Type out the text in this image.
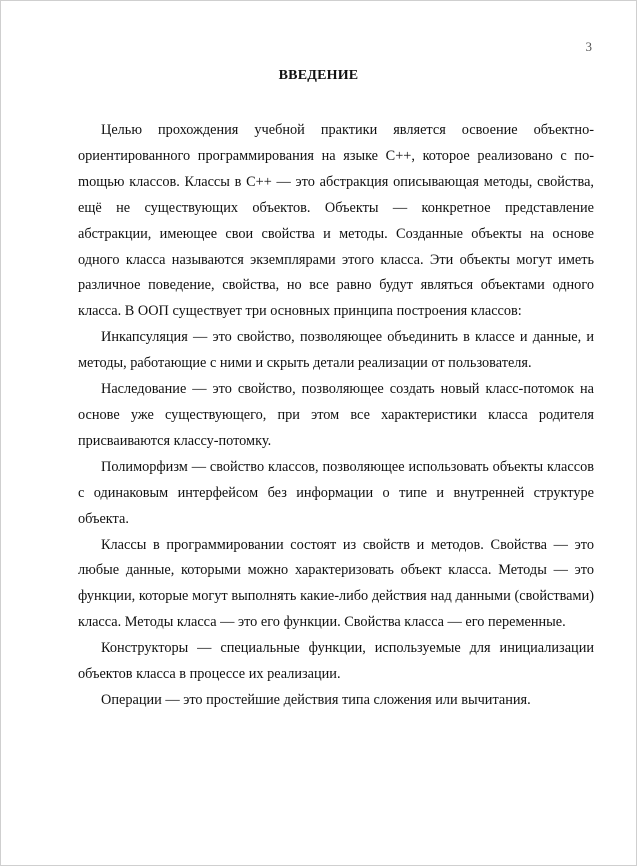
3
ВВЕДЕНИЕ

Целью прохождения учебной практики является освоение объектно-ориентированного программирования на языке С++, которое реализовано с поmощью классов. Классы в С++ — это абстракция описывающая методы, свойства, ещё не существующих объектов. Объекты — конкретное представление абстракции, имеющее свои свойства и методы. Созданные объекты на основе одного класса называются экземплярами этого класса. Эти объекты могут иметь различное поведение, свойства, но все равно будут являться объектами одного класса. В ООП существует три основных принципа построения классов:

Инкапсуляция — это свойство, позволяющее объединить в классе и данные, и методы, работающие с ними и скрыть детали реализации от пользователя.

Наследование — это свойство, позволяющее создать новый класс-потомок на основе уже существующего, при этом все характеристики класса родителя присваиваются классу-потомку.

Полиморфизм — свойство классов, позволяющее использовать объекты классов с одинаковым интерфейсом без информации о типе и внутренней структуре объекта.

Классы в программировании состоят из свойств и методов. Свойства — это любые данные, которыми можно характеризовать объект класса. Методы — это функции, которые могут выполнять какие-либо действия над данными (свойствами) класса. Методы класса — это его функции. Свойства класса — его переменные.

Конструкторы — специальные функции, используемые для инициализации объектов класса в процессе их реализации.

Операции — это простейшие действия типа сложения или вычитания.
